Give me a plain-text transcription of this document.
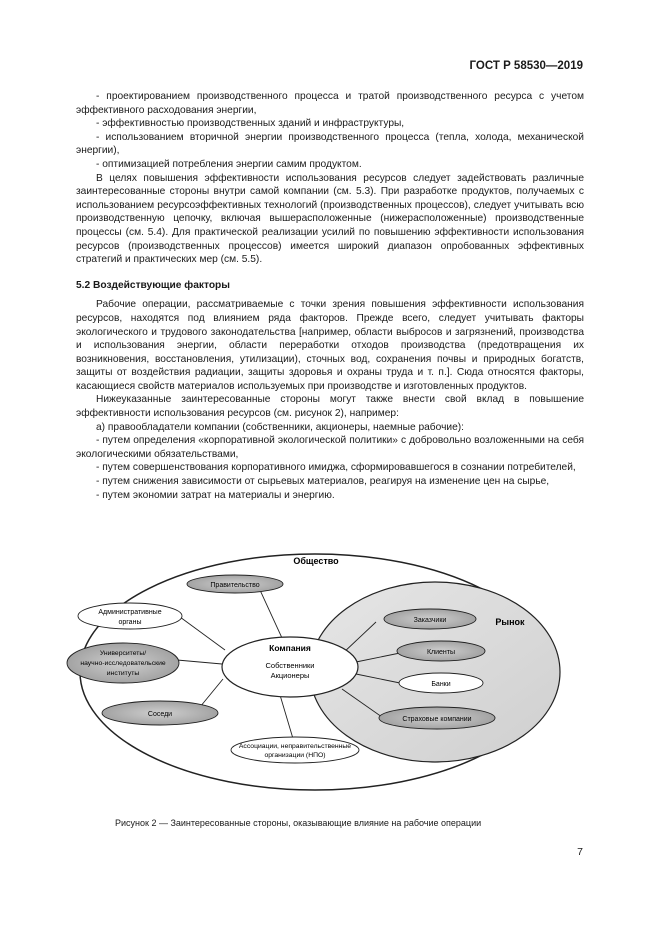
ГОСТ Р 58530—2019

- проектированием производственного процесса и тратой производственного ресурса с учетом эффективного расходования энергии,

- эффективностью производственных зданий и инфраструктуры,

- использованием вторичной энергии производственного процесса (тепла, холода, механической энергии),

- оптимизацией потребления энергии самим продуктом.

В целях повышения эффективности использования ресурсов следует задействовать различные заинтересованные стороны внутри самой компании (см. 5.3). При разработке продуктов, получаемых с использованием ресурсоэффективных технологий (производственных процессов), следует учитывать всю производственную цепочку, включая вышерасположенные (нижерасположенные) производственные процессы (см. 5.4). Для практической реализации усилий по повышению эффективности использования ресурсов (производственных процессов) имеется широкий диапазон опробованных эффективных стратегий и практических мер (см. 5.5).

5.2 Воздействующие факторы

Рабочие операции, рассматриваемые с точки зрения повышения эффективности использования ресурсов, находятся под влиянием ряда факторов. Прежде всего, следует учитывать факторы экологического и трудового законодательства [например, области выбросов и загрязнений, производства и использования энергии, области переработки отходов производства (предотвращения их возникновения, восстановления, утилизации), сточных вод, сохранения почвы и природных богатств, защиты от воздействия радиации, защиты здоровья и охраны труда и т. п.]. Сюда относятся факторы, касающиеся свойств материалов используемых при производстве и изготовленных продуктов.

Нижеуказанные заинтересованные стороны могут также внести свой вклад в повышение эффективности использования ресурсов (см. рисунок 2), например:

а) правообладатели компании (собственники, акционеры, наемные рабочие):

- путем определения «корпоративной экологической политики» с добровольно возложенными на себя экологическими обязательствами,

- путем совершенствования корпоративного имиджа, сформировавшегося в сознании потребителей,

- путем снижения зависимости от сырьевых материалов, реагируя на изменение цен на сырье,

- путем экономии затрат на материалы и энергию.

Общество
Рынок
Компания
Собственники
Акционеры
Правительство
Административные
органы
Университеты/
научно-исследовательские
институты
Соседи
Ассоциации, неправительственные
организации (НПО)
Заказчики
Клиенты
Банки
Страховые компании
Рисунок 2 — Заинтересованные стороны, оказывающие влияние на рабочие операции
7
